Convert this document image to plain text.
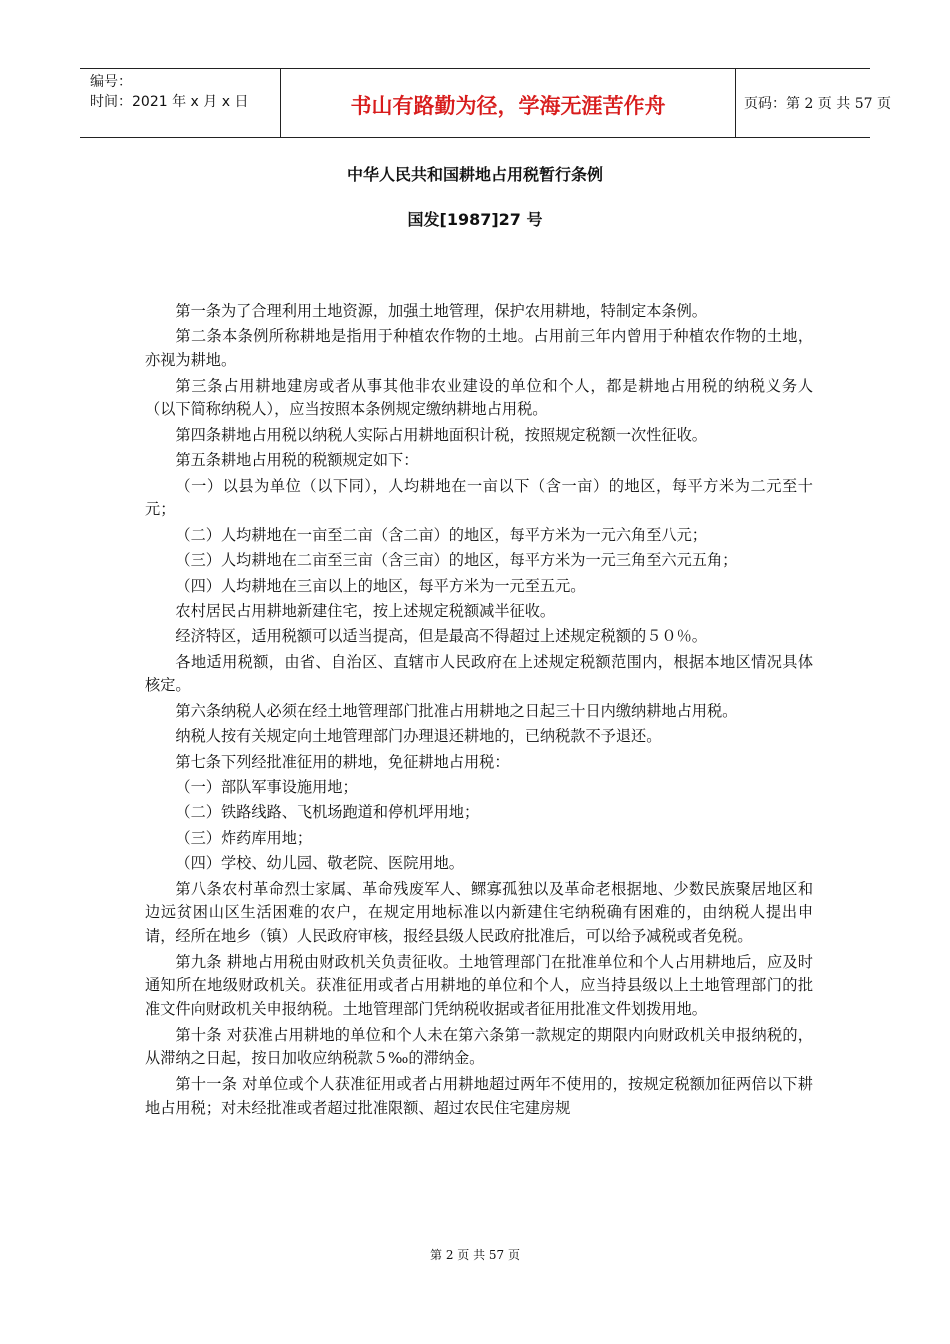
编号：
时间：2021 年 x 月 x 日	书山有路勤为径，学海无涯苦作舟	页码：第 2 页 共 57 页
中华人民共和国耕地占用税暂行条例
国发[1987]27 号

第一条为了合理利用土地资源，加强土地管理，保护农用耕地，特制定本条例。

第二条本条例所称耕地是指用于种植农作物的土地。占用前三年内曾用于种植农作物的土地，亦视为耕地。

第三条占用耕地建房或者从事其他非农业建设的单位和个人，都是耕地占用税的纳税义务人（以下简称纳税人），应当按照本条例规定缴纳耕地占用税。

第四条耕地占用税以纳税人实际占用耕地面积计税，按照规定税额一次性征收。

第五条耕地占用税的税额规定如下：

（一）以县为单位（以下同），人均耕地在一亩以下（含一亩）的地区，每平方米为二元至十元；

（二）人均耕地在一亩至二亩（含二亩）的地区，每平方米为一元六角至八元；

（三）人均耕地在二亩至三亩（含三亩）的地区，每平方米为一元三角至六元五角；

（四）人均耕地在三亩以上的地区，每平方米为一元至五元。

农村居民占用耕地新建住宅，按上述规定税额减半征收。

经济特区，适用税额可以适当提高，但是最高不得超过上述规定税额的５０％。

各地适用税额，由省、自治区、直辖市人民政府在上述规定税额范围内，根据本地区情况具体核定。

第六条纳税人必须在经土地管理部门批准占用耕地之日起三十日内缴纳耕地占用税。

纳税人按有关规定向土地管理部门办理退还耕地的，已纳税款不予退还。

第七条下列经批准征用的耕地，免征耕地占用税：

（一）部队军事设施用地；

（二）铁路线路、飞机场跑道和停机坪用地；

（三）炸药库用地；

（四）学校、幼儿园、敬老院、医院用地。

第八条农村革命烈士家属、革命残废军人、鳏寡孤独以及革命老根据地、少数民族聚居地区和边远贫困山区生活困难的农户，在规定用地标准以内新建住宅纳税确有困难的，由纳税人提出申请，经所在地乡（镇）人民政府审核，报经县级人民政府批准后，可以给予减税或者免税。

第九条 耕地占用税由财政机关负责征收。土地管理部门在批准单位和个人占用耕地后，应及时通知所在地级财政机关。获准征用或者占用耕地的单位和个人，应当持县级以上土地管理部门的批准文件向财政机关申报纳税。土地管理部门凭纳税收据或者征用批准文件划拨用地。

第十条 对获准占用耕地的单位和个人未在第六条第一款规定的期限内向财政机关申报纳税的，从滞纳之日起，按日加收应纳税款５‰的滞纳金。

第十一条 对单位或个人获准征用或者占用耕地超过两年不使用的，按规定税额加征两倍以下耕地占用税；对未经批准或者超过批准限额、超过农民住宅建房规

第 2 页 共 57 页
